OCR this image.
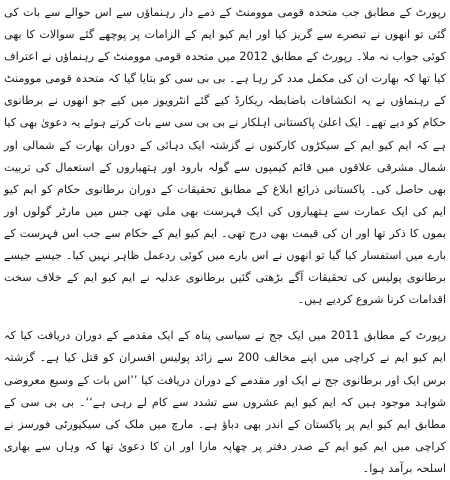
رپورٹ کے مطابق جب متحدہ قومی موومنٹ کے ذمے دار رہنماؤں سے اس حوالے سے بات کی گئی تو انھوں نے تبصرے سے گریز کیا اور ایم کیو ایم کے الزامات پر پوچھے گئے سوالات کا بھی کوئی جواب نہ ملا۔ رپورٹ کے مطابق 2012 میں متحدہ قومی موومنٹ کے رہنماؤں نے اعتراف کیا تھا کہ بھارت ان کی مکمل مدد کر رہا ہے۔ بی بی سی کو بتایا گیا کہ متحدہ قومی موومنٹ کے رہنماؤں نے یہ انکشافات باضابطہ ریکارڈ کیے گئے انٹرویوز میں کیے جو انھوں نے برطانوی حکام کو دیے تھے۔ ایک اعلیٰ پاکستانی اہلکار نے بی بی سی سے بات کرتے ہوئے یہ دعویٰ بھی کیا ہے کہ ایم کیو ایم کے سیکڑوں کارکنوں نے گزشتہ ایک دہائی کے دوران بھارت کے شمالی اور شمال مشرقی علاقوں میں قائم کیمپوں سے گولہ بارود اور ہتھیاروں کے استعمال کی تربیت بھی حاصل کی۔ پاکستانی ذرائع ابلاغ کے مطابق تحقیقات کے دوران برطانوی حکام کو ایم کیو ایم کی ایک عمارت سے ہتھیاروں کی ایک فہرست بھی ملی تھی جس میں مارٹر گولوں اور بموں کا ذکر تھا اور ان کی قیمت بھی درج تھی۔ ایم کیو ایم کے حکام سے جب اس فہرست کے بارے میں استفسار کیا گیا تو انھوں نے اس بارے میں کوئی ردعمل ظاہر نہیں کیا۔ جیسے جیسے برطانوی پولیس کی تحقیقات آگے بڑھتی گئیں برطانوی عدلیہ نے ایم کیو ایم کے خلاف سخت اقدامات کرنا شروع کردیے ہیں۔

رپورٹ کے مطابق 2011 میں ایک جج نے سیاسی پناہ کے ایک مقدمے کے دوران دریافت کیا کہ ایم کیو ایم نے کراچی میں اپنے مخالف 200 سے زائد پولیس افسران کو قتل کیا ہے۔ گزشتہ برس ایک اور برطانوی جج نے ایک اور مقدمے کے دوران دریافت کیا ’’اس بات کے وسیع معروضی شواہد موجود ہیں کہ ایم کیو ایم عشروں سے تشدد سے کام لے رہی ہے‘‘۔ بی بی سی کے مطابق ایم کیو ایم پر پاکستان کے اندر بھی دباؤ ہے۔ مارچ میں ملک کی سیکیورٹی فورسز نے کراچی میں ایم کیو ایم کے صدر دفتر پر چھاپہ مارا اور ان کا دعویٰ تھا کہ وہاں سے بھاری اسلحہ برآمد ہوا۔
